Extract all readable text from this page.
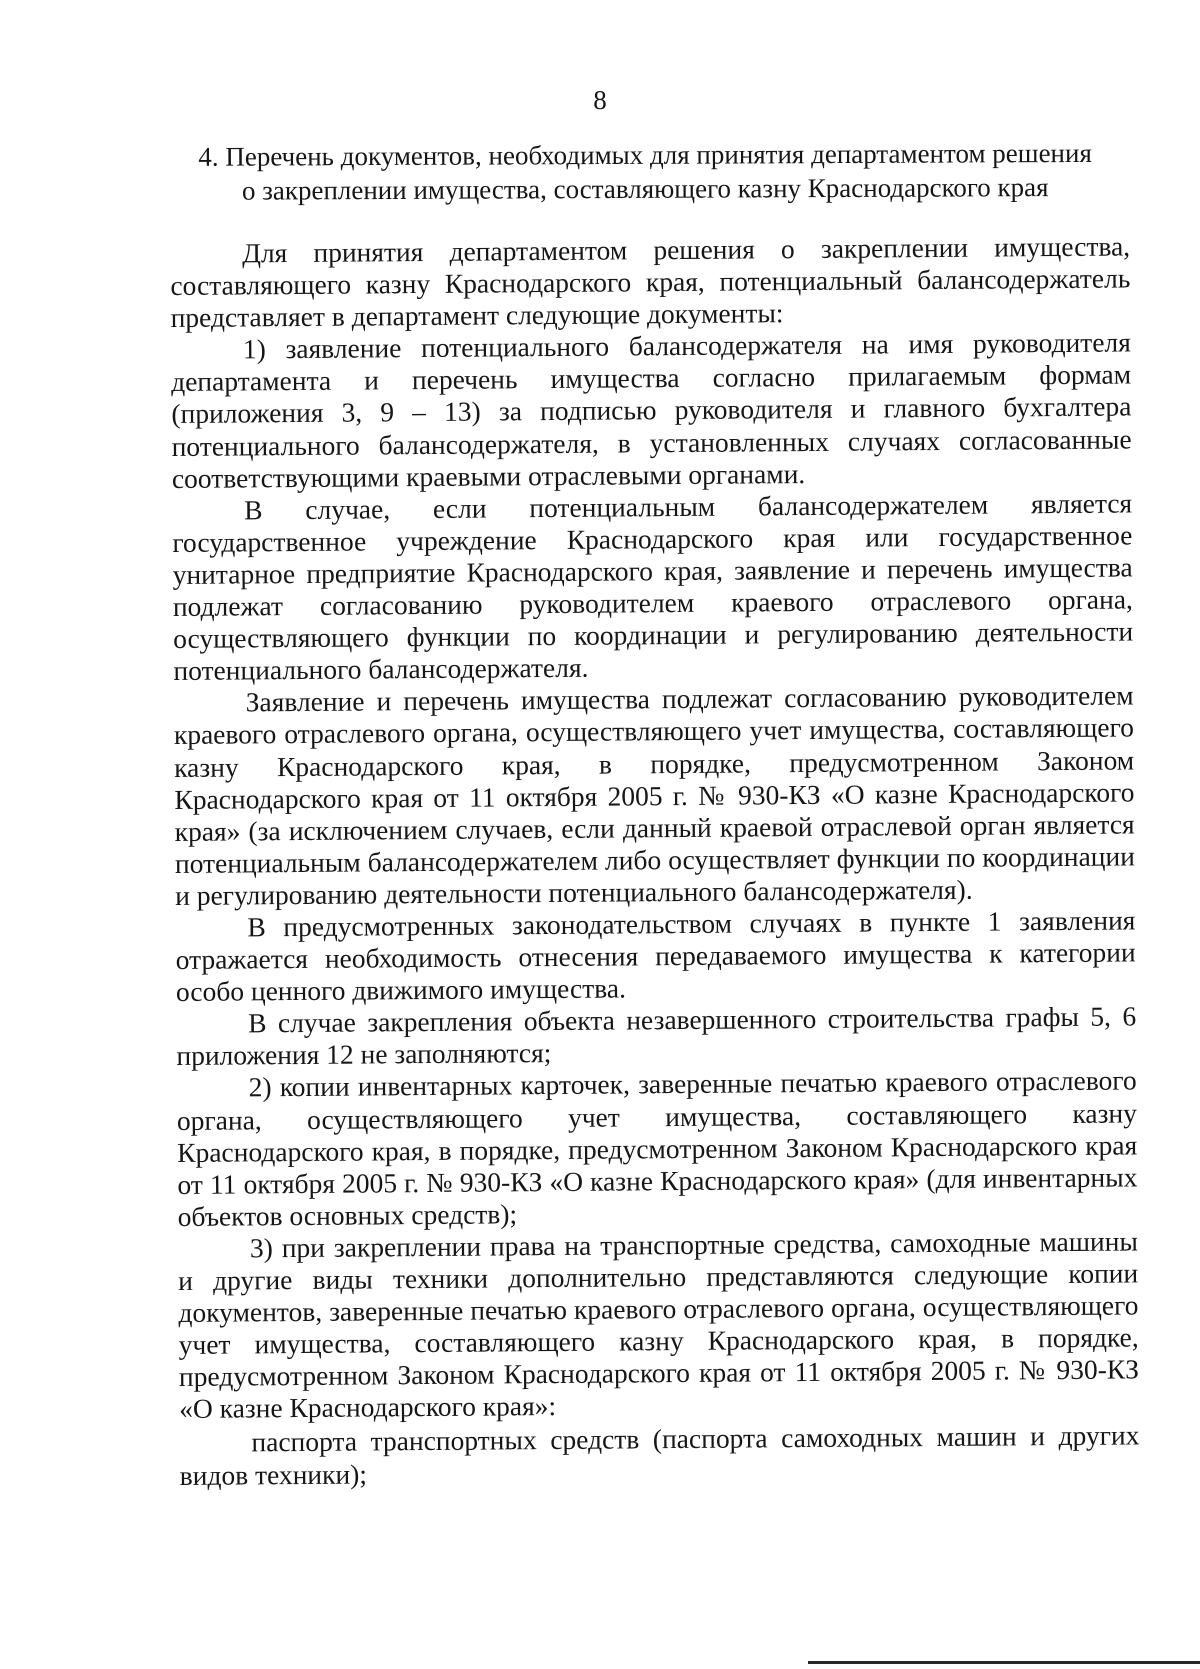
8
4. Перечень документов, необходимых для принятия департаментом решения
о закреплении имущества, составляющего казну Краснодарского края

Для принятия департаментом решения о закреплении имущества, составляющего казну Краснодарского края, потенциальный балансодержатель представляет в департамент следующие документы:

1) заявление потенциального балансодержателя на имя руководителя департамента и перечень имущества согласно прилагаемым формам (приложения 3, 9 – 13) за подписью руководителя и главного бухгалтера потенциального балансодержателя, в установленных случаях согласованные соответствующими краевыми отраслевыми органами.

В случае, если потенциальным балансодержателем является государственное учреждение Краснодарского края или государственное унитарное предприятие Краснодарского края, заявление и перечень имущества подлежат согласованию руководителем краевого отраслевого органа, осуществляющего функции по координации и регулированию деятельности потенциального балансодержателя.

Заявление и перечень имущества подлежат согласованию руководителем краевого отраслевого органа, осуществляющего учет имущества, составляющего казну Краснодарского края, в порядке, предусмотренном Законом Краснодарского края от 11 октября 2005 г. № 930-КЗ «О казне Краснодарского края» (за исключением случаев, если данный краевой отраслевой орган является потенциальным балансодержателем либо осуществляет функции по координации и регулированию деятельности потенциального балансодержателя).

В предусмотренных законодательством случаях в пункте 1 заявления отражается необходимость отнесения передаваемого имущества к категории особо ценного движимого имущества.

В случае закрепления объекта незавершенного строительства графы 5, 6 приложения 12 не заполняются;

2) копии инвентарных карточек, заверенные печатью краевого отраслевого органа, осуществляющего учет имущества, составляющего казну Краснодарского края, в порядке, предусмотренном Законом Краснодарского края от 11 октября 2005 г. № 930-КЗ «О казне Краснодарского края» (для инвентарных объектов основных средств);

3) при закреплении права на транспортные средства, самоходные машины и другие виды техники дополнительно представляются следующие копии документов, заверенные печатью краевого отраслевого органа, осуществляющего учет имущества, составляющего казну Краснодарского края, в порядке, предусмотренном Законом Краснодарского края от 11 октября 2005 г. № 930-КЗ «О казне Краснодарского края»:

паспорта транспортных средств (паспорта самоходных машин и других видов техники);
